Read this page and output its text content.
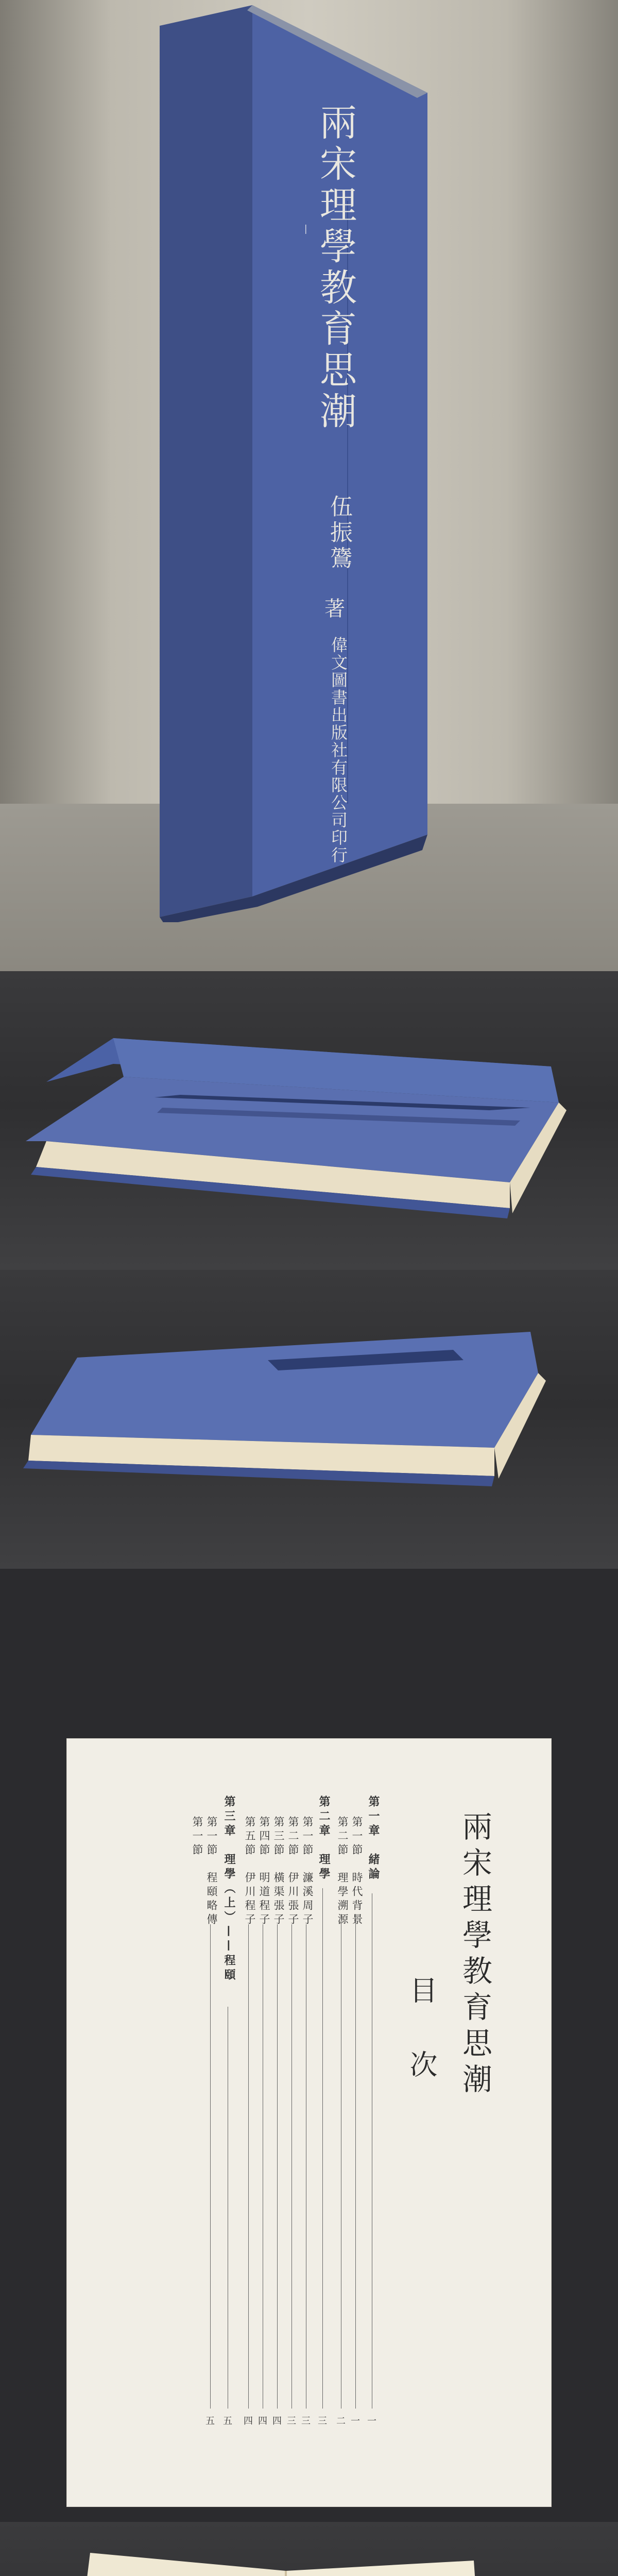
— 兩宋理學教育思潮
伍振鷟
著
偉文圖書出版社有限公司印行
兩宋理學教育思潮
目次
第一章　緒論
第一節　時代背景
第二節　理學溯源
第二章　理學
第一節　濂溪周子
第二節　伊川張子
第三節　橫渠張子
第四節　明道程子
第五節　伊川程子
第三章　理學（上）——程頤
第一節　程頤略傳
第一節
一
一
二
三
三
三
四
四
四
五
五
